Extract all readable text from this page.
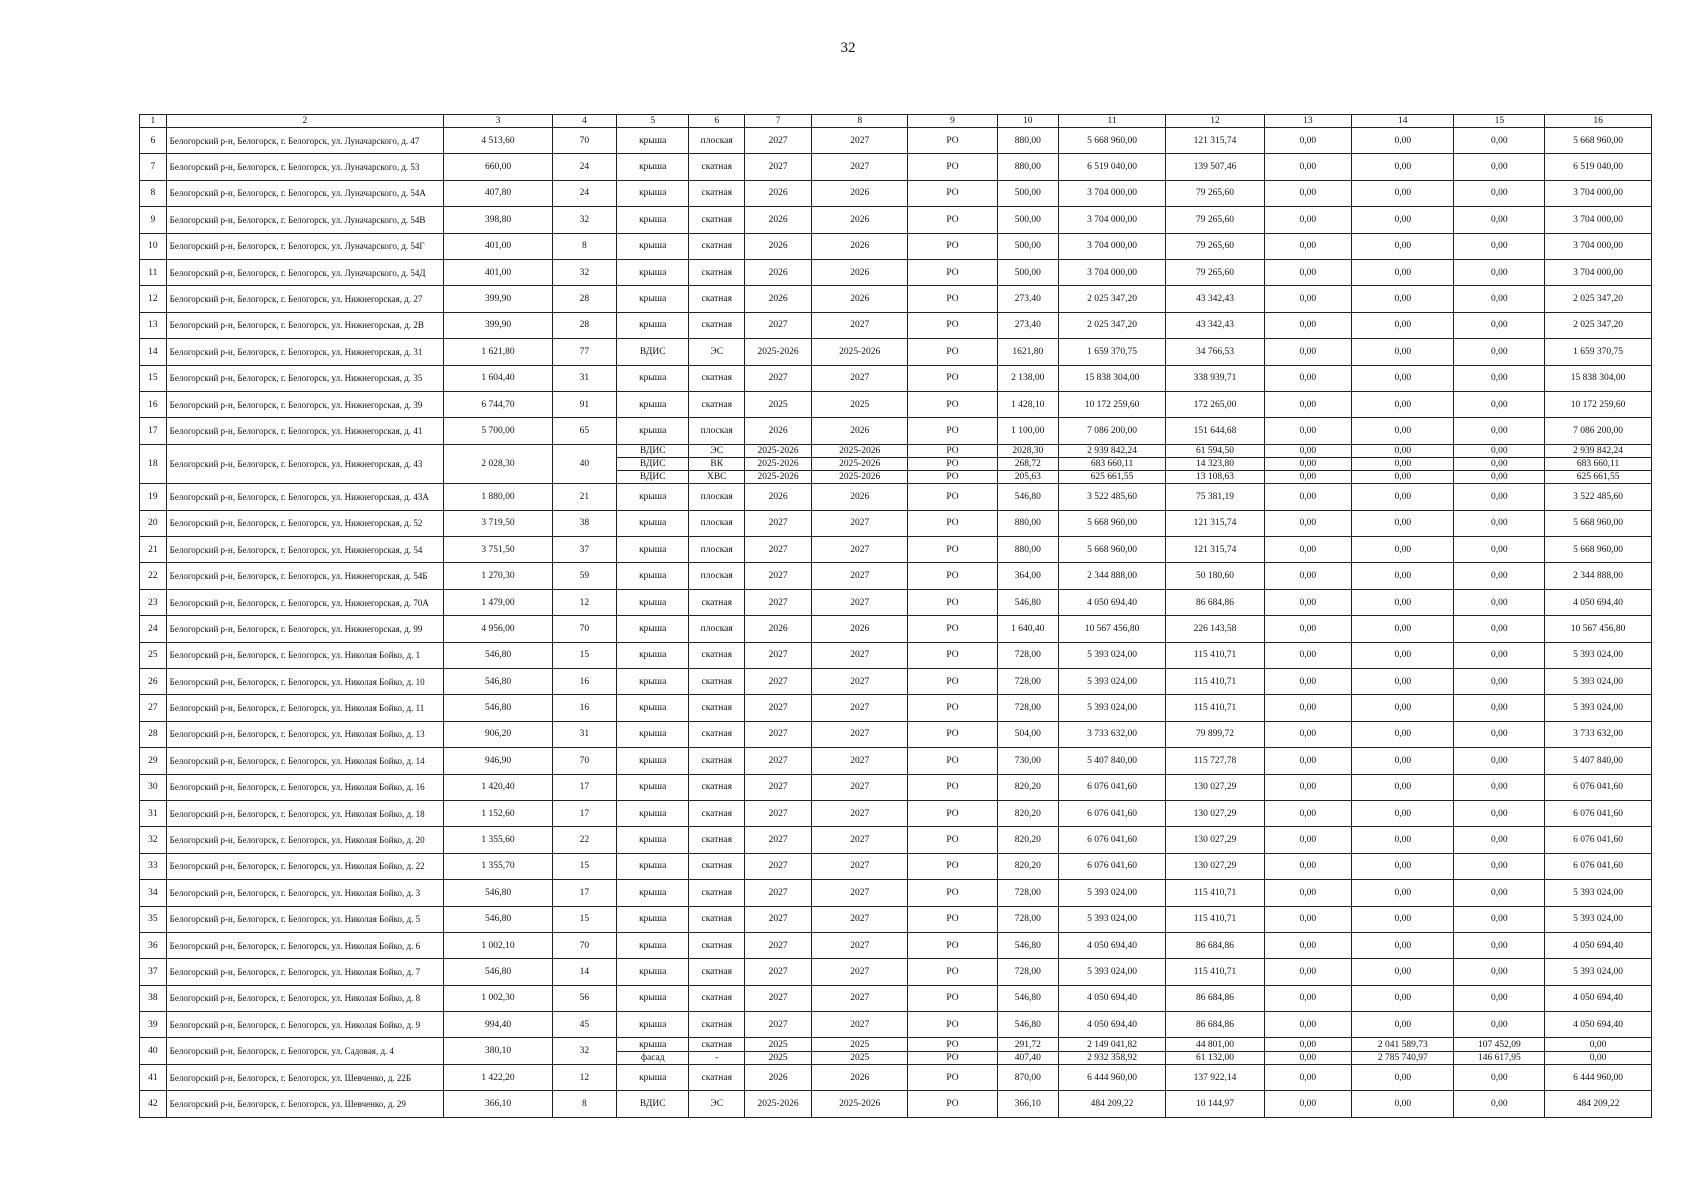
32
1	2	3	4	5	6	7	8	9	10	11	12	13	14	15	16
6	Белогорский р-н, Белогорск, г. Белогорск, ул. Луначарского, д. 47	4 513,60	70	крыша	плоская	2027	2027	РО	880,00	5 668 960,00	121 315,74	0,00	0,00	0,00	5 668 960,00
7	Белогорский р-н, Белогорск, г. Белогорск, ул. Луначарского, д. 53	660,00	24	крыша	скатная	2027	2027	РО	880,00	6 519 040,00	139 507,46	0,00	0,00	0,00	6 519 040,00
8	Белогорский р-н, Белогорск, г. Белогорск, ул. Луначарского, д. 54А	407,80	24	крыша	скатная	2026	2026	РО	500,00	3 704 000,00	79 265,60	0,00	0,00	0,00	3 704 000,00
9	Белогорский р-н, Белогорск, г. Белогорск, ул. Луначарского, д. 54В	398,80	32	крыша	скатная	2026	2026	РО	500,00	3 704 000,00	79 265,60	0,00	0,00	0,00	3 704 000,00
10	Белогорский р-н, Белогорск, г. Белогорск, ул. Луначарского, д. 54Г	401,00	8	крыша	скатная	2026	2026	РО	500,00	3 704 000,00	79 265,60	0,00	0,00	0,00	3 704 000,00
11	Белогорский р-н, Белогорск, г. Белогорск, ул. Луначарского, д. 54Д	401,00	32	крыша	скатная	2026	2026	РО	500,00	3 704 000,00	79 265,60	0,00	0,00	0,00	3 704 000,00
12	Белогорский р-н, Белогорск, г. Белогорск, ул. Нижнегорская, д. 27	399,90	28	крыша	скатная	2026	2026	РО	273,40	2 025 347,20	43 342,43	0,00	0,00	0,00	2 025 347,20
13	Белогорский р-н, Белогорск, г. Белогорск, ул. Нижнегорская, д. 2В	399,90	28	крыша	скатная	2027	2027	РО	273,40	2 025 347,20	43 342,43	0,00	0,00	0,00	2 025 347,20
14	Белогорский р-н, Белогорск, г. Белогорск, ул. Нижнегорская, д. 31	1 621,80	77	ВДИС	ЭС	2025-2026	2025-2026	РО	1621,80	1 659 370,75	34 766,53	0,00	0,00	0,00	1 659 370,75
15	Белогорский р-н, Белогорск, г. Белогорск, ул. Нижнегорская, д. 35	1 604,40	31	крыша	скатная	2027	2027	РО	2 138,00	15 838 304,00	338 939,71	0,00	0,00	0,00	15 838 304,00
16	Белогорский р-н, Белогорск, г. Белогорск, ул. Нижнегорская, д. 39	6 744,70	91	крыша	скатная	2025	2025	РО	1 428,10	10 172 259,60	172 265,00	0,00	0,00	0,00	10 172 259,60
17	Белогорский р-н, Белогорск, г. Белогорск, ул. Нижнегорская, д. 41	5 700,00	65	крыша	плоская	2026	2026	РО	1 100,00	7 086 200,00	151 644,68	0,00	0,00	0,00	7 086 200,00
18	Белогорский р-н, Белогорск, г. Белогорск, ул. Нижнегорская, д. 43	2 028,30	40	ВДИС	ЭС	2025-2026	2025-2026	РО	2028,30	2 939 842,24	61 594,50	0,00	0,00	0,00	2 939 842,24
				ВДИС	ВК	2025-2026	2025-2026	РО	268,72	683 660,11	14 323,80	0,00	0,00	0,00	683 660,11
				ВДИС	ХВС	2025-2026	2025-2026	РО	205,63	625 661,55	13 108,63	0,00	0,00	0,00	625 661,55
19	Белогорский р-н, Белогорск, г. Белогорск, ул. Нижнегорская, д. 43А	1 880,00	21	крыша	плоская	2026	2026	РО	546,80	3 522 485,60	75 381,19	0,00	0,00	0,00	3 522 485,60
20	Белогорский р-н, Белогорск, г. Белогорск, ул. Нижнегорская, д. 52	3 719,50	38	крыша	плоская	2027	2027	РО	880,00	5 668 960,00	121 315,74	0,00	0,00	0,00	5 668 960,00
21	Белогорский р-н, Белогорск, г. Белогорск, ул. Нижнегорская, д. 54	3 751,50	37	крыша	плоская	2027	2027	РО	880,00	5 668 960,00	121 315,74	0,00	0,00	0,00	5 668 960,00
22	Белогорский р-н, Белогорск, г. Белогорск, ул. Нижнегорская, д. 54Б	1 270,30	59	крыша	плоская	2027	2027	РО	364,00	2 344 888,00	50 180,60	0,00	0,00	0,00	2 344 888,00
23	Белогорский р-н, Белогорск, г. Белогорск, ул. Нижнегорская, д. 70А	1 479,00	12	крыша	скатная	2027	2027	РО	546,80	4 050 694,40	86 684,86	0,00	0,00	0,00	4 050 694,40
24	Белогорский р-н, Белогорск, г. Белогорск, ул. Нижнегорская, д. 99	4 956,00	70	крыша	плоская	2026	2026	РО	1 640,40	10 567 456,80	226 143,58	0,00	0,00	0,00	10 567 456,80
25	Белогорский р-н, Белогорск, г. Белогорск, ул. Николая Бойко, д. 1	546,80	15	крыша	скатная	2027	2027	РО	728,00	5 393 024,00	115 410,71	0,00	0,00	0,00	5 393 024,00
26	Белогорский р-н, Белогорск, г. Белогорск, ул. Николая Бойко, д. 10	546,80	16	крыша	скатная	2027	2027	РО	728,00	5 393 024,00	115 410,71	0,00	0,00	0,00	5 393 024,00
27	Белогорский р-н, Белогорск, г. Белогорск, ул. Николая Бойко, д. 11	546,80	16	крыша	скатная	2027	2027	РО	728,00	5 393 024,00	115 410,71	0,00	0,00	0,00	5 393 024,00
28	Белогорский р-н, Белогорск, г. Белогорск, ул. Николая Бойко, д. 13	906,20	31	крыша	скатная	2027	2027	РО	504,00	3 733 632,00	79 899,72	0,00	0,00	0,00	3 733 632,00
29	Белогорский р-н, Белогорск, г. Белогорск, ул. Николая Бойко, д. 14	946,90	70	крыша	скатная	2027	2027	РО	730,00	5 407 840,00	115 727,78	0,00	0,00	0,00	5 407 840,00
30	Белогорский р-н, Белогорск, г. Белогорск, ул. Николая Бойко, д. 16	1 420,40	17	крыша	скатная	2027	2027	РО	820,20	6 076 041,60	130 027,29	0,00	0,00	0,00	6 076 041,60
31	Белогорский р-н, Белогорск, г. Белогорск, ул. Николая Бойко, д. 18	1 152,60	17	крыша	скатная	2027	2027	РО	820,20	6 076 041,60	130 027,29	0,00	0,00	0,00	6 076 041,60
32	Белогорский р-н, Белогорск, г. Белогорск, ул. Николая Бойко, д. 20	1 355,60	22	крыша	скатная	2027	2027	РО	820,20	6 076 041,60	130 027,29	0,00	0,00	0,00	6 076 041,60
33	Белогорский р-н, Белогорск, г. Белогорск, ул. Николая Бойко, д. 22	1 355,70	15	крыша	скатная	2027	2027	РО	820,20	6 076 041,60	130 027,29	0,00	0,00	0,00	6 076 041,60
34	Белогорский р-н, Белогорск, г. Белогорск, ул. Николая Бойко, д. 3	546,80	17	крыша	скатная	2027	2027	РО	728,00	5 393 024,00	115 410,71	0,00	0,00	0,00	5 393 024,00
35	Белогорский р-н, Белогорск, г. Белогорск, ул. Николая Бойко, д. 5	546,80	15	крыша	скатная	2027	2027	РО	728,00	5 393 024,00	115 410,71	0,00	0,00	0,00	5 393 024,00
36	Белогорский р-н, Белогорск, г. Белогорск, ул. Николая Бойко, д. 6	1 002,10	70	крыша	скатная	2027	2027	РО	546,80	4 050 694,40	86 684,86	0,00	0,00	0,00	4 050 694,40
37	Белогорский р-н, Белогорск, г. Белогорск, ул. Николая Бойко, д. 7	546,80	14	крыша	скатная	2027	2027	РО	728,00	5 393 024,00	115 410,71	0,00	0,00	0,00	5 393 024,00
38	Белогорский р-н, Белогорск, г. Белогорск, ул. Николая Бойко, д. 8	1 002,30	56	крыша	скатная	2027	2027	РО	546,80	4 050 694,40	86 684,86	0,00	0,00	0,00	4 050 694,40
39	Белогорский р-н, Белогорск, г. Белогорск, ул. Николая Бойко, д. 9	994,40	45	крыша	скатная	2027	2027	РО	546,80	4 050 694,40	86 684,86	0,00	0,00	0,00	4 050 694,40
40	Белогорский р-н, Белогорск, г. Белогорск, ул. Садовая, д. 4	380,10	32	крыша	скатная	2025	2025	РО	291,72	2 149 041,82	44 801,00	0,00	2 041 589,73	107 452,09	0,00
				фасад	-	2025	2025	РО	407,40	2 932 358,92	61 132,00	0,00	2 785 740,97	146 617,95	0,00
41	Белогорский р-н, Белогорск, г. Белогорск, ул. Шевченко, д. 22Б	1 422,20	12	крыша	скатная	2026	2026	РО	870,00	6 444 960,00	137 922,14	0,00	0,00	0,00	6 444 960,00
42	Белогорский р-н, Белогорск, г. Белогорск, ул. Шевченко, д. 29	366,10	8	ВДИС	ЭС	2025-2026	2025-2026	РО	366,10	484 209,22	10 144,97	0,00	0,00	0,00	484 209,22
